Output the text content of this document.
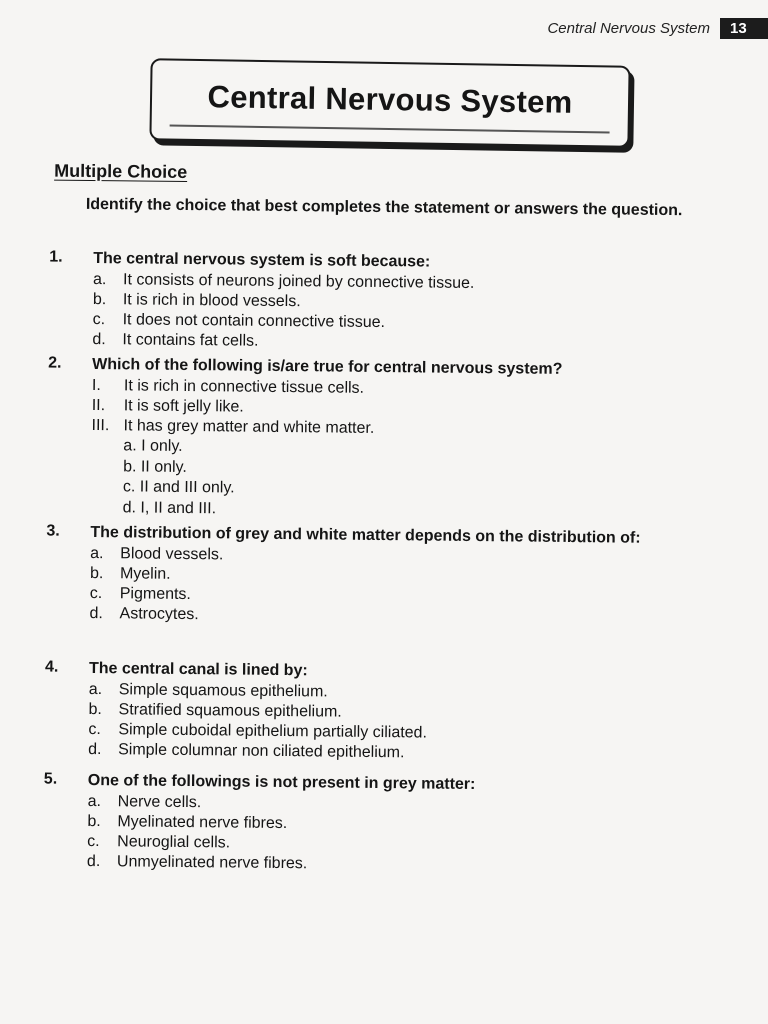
Central Nervous System	13
Central Nervous System
Multiple Choice
Identify the choice that best completes the statement or answers the question.
1. The central nervous system is soft because:
a.	It consists of neurons joined by connective tissue.
b.	It is rich in blood vessels.
c.	It does not contain connective tissue.
d.	It contains fat cells.
2. Which of the following is/are true for central nervous system?
I.	It is rich in connective tissue cells.
II.	It is soft jelly like.
III. It has grey matter and white matter.
a. I only.
b. II only.
c. II and III only.
d. I, II and III.
3. The distribution of grey and white matter depends on the distribution of:
a.	Blood vessels.
b.	Myelin.
c.	Pigments.
d.	Astrocytes.
4. The central canal is lined by:
a.	Simple squamous epithelium.
b.	Stratified squamous epithelium.
c.	Simple cuboidal epithelium partially ciliated.
d.	Simple columnar non ciliated epithelium.
5. One of the followings is not present in grey matter:
a.	Nerve cells.
b.	Myelinated nerve fibres.
c.	Neuroglial cells.
d.	Unmyelinated nerve fibres.
